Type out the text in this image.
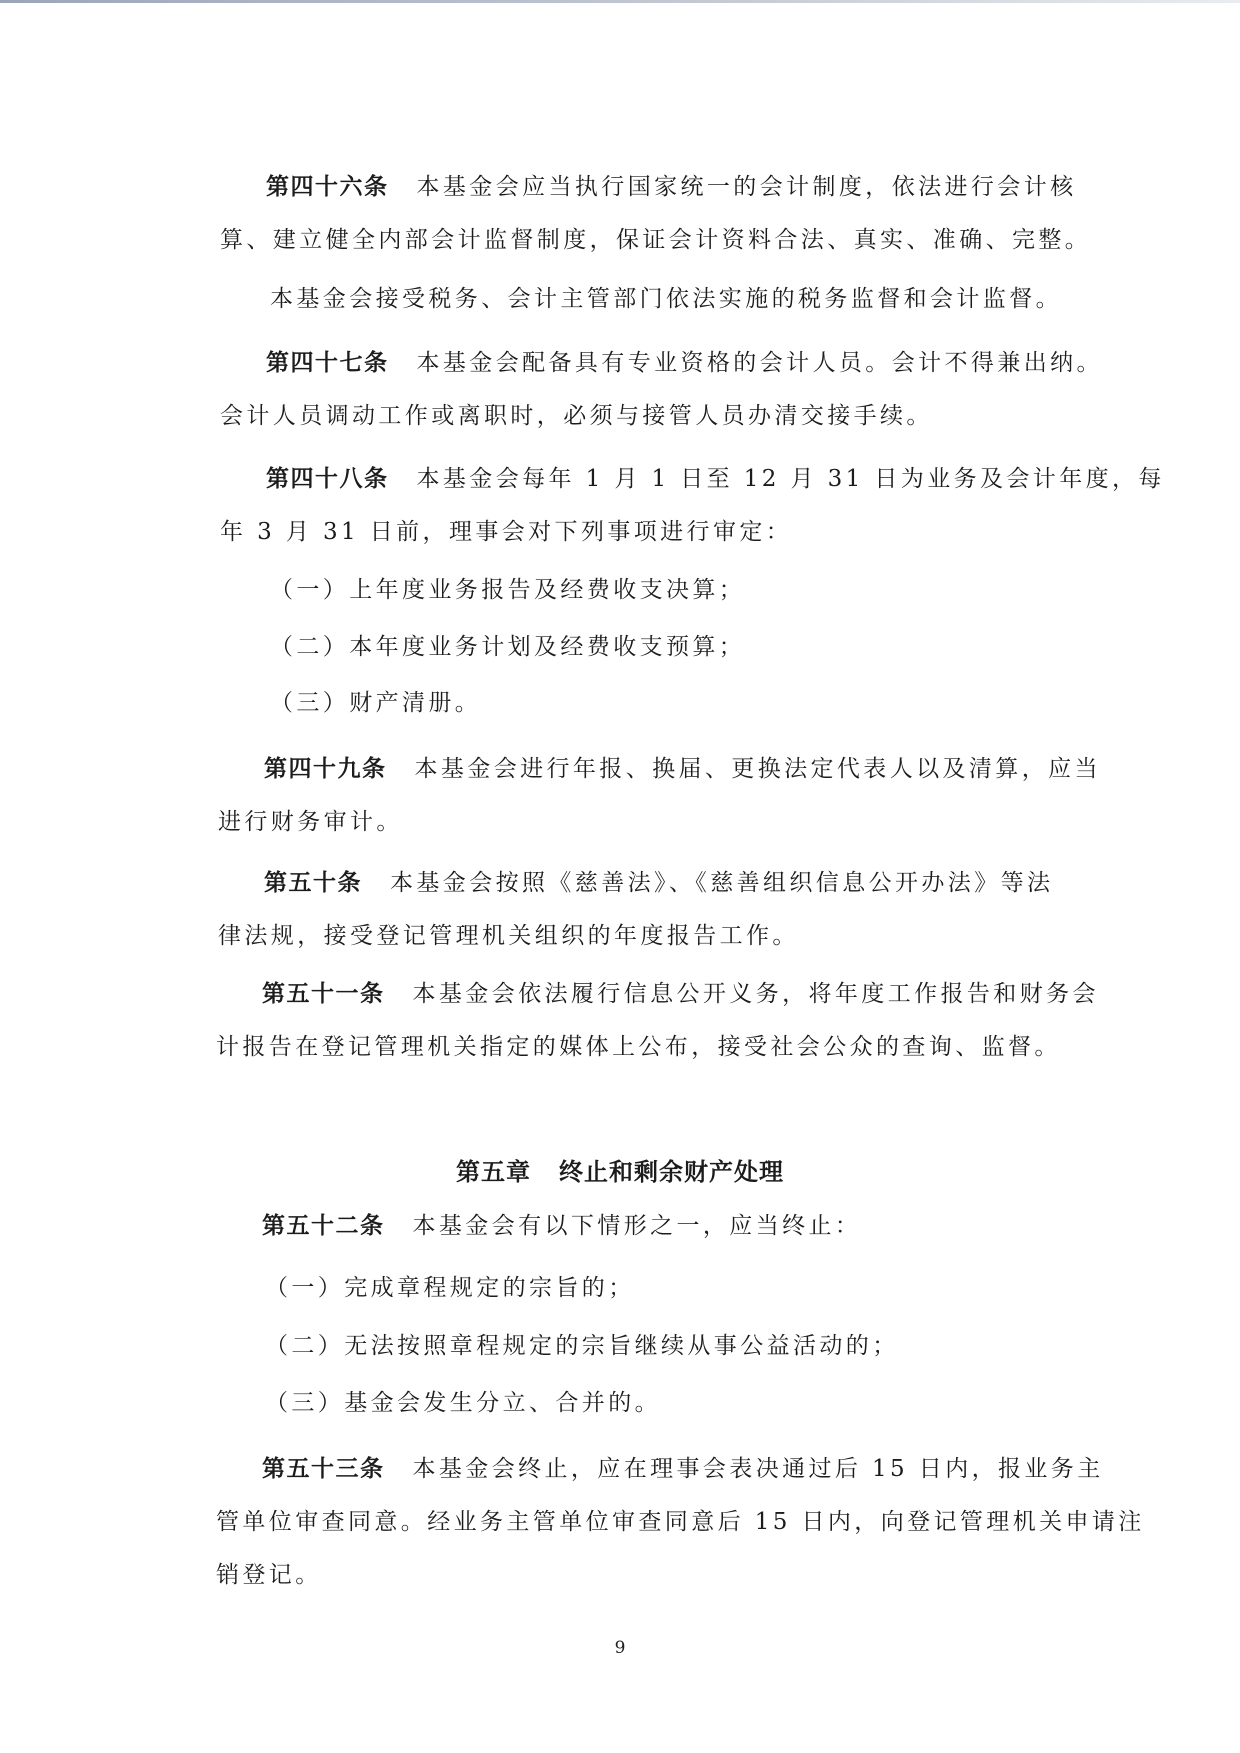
第四十六条 本基金会应当执行国家统一的会计制度，依法进行会计核
算、建立健全内部会计监督制度，保证会计资料合法、真实、准确、完整。
本基金会接受税务、会计主管部门依法实施的税务监督和会计监督。
第四十七条 本基金会配备具有专业资格的会计人员。会计不得兼出纳。
会计人员调动工作或离职时，必须与接管人员办清交接手续。
第四十八条 本基金会每年 1 月 1 日至 12 月 31 日为业务及会计年度，每
年 3 月 31 日前，理事会对下列事项进行审定：
（一）上年度业务报告及经费收支决算；
（二）本年度业务计划及经费收支预算；
（三）财产清册。
第四十九条 本基金会进行年报、换届、更换法定代表人以及清算，应当
进行财务审计。
第五十条 本基金会按照《慈善法》、《慈善组织信息公开办法》等法
律法规，接受登记管理机关组织的年度报告工作。
第五十一条 本基金会依法履行信息公开义务，将年度工作报告和财务会
计报告在登记管理机关指定的媒体上公布，接受社会公众的查询、监督。
第五章 终止和剩余财产处理
第五十二条 本基金会有以下情形之一，应当终止：
（一）完成章程规定的宗旨的；
（二）无法按照章程规定的宗旨继续从事公益活动的；
（三）基金会发生分立、合并的。
第五十三条 本基金会终止，应在理事会表决通过后 15 日内，报业务主
管单位审查同意。经业务主管单位审查同意后 15 日内，向登记管理机关申请注
销登记。
9
